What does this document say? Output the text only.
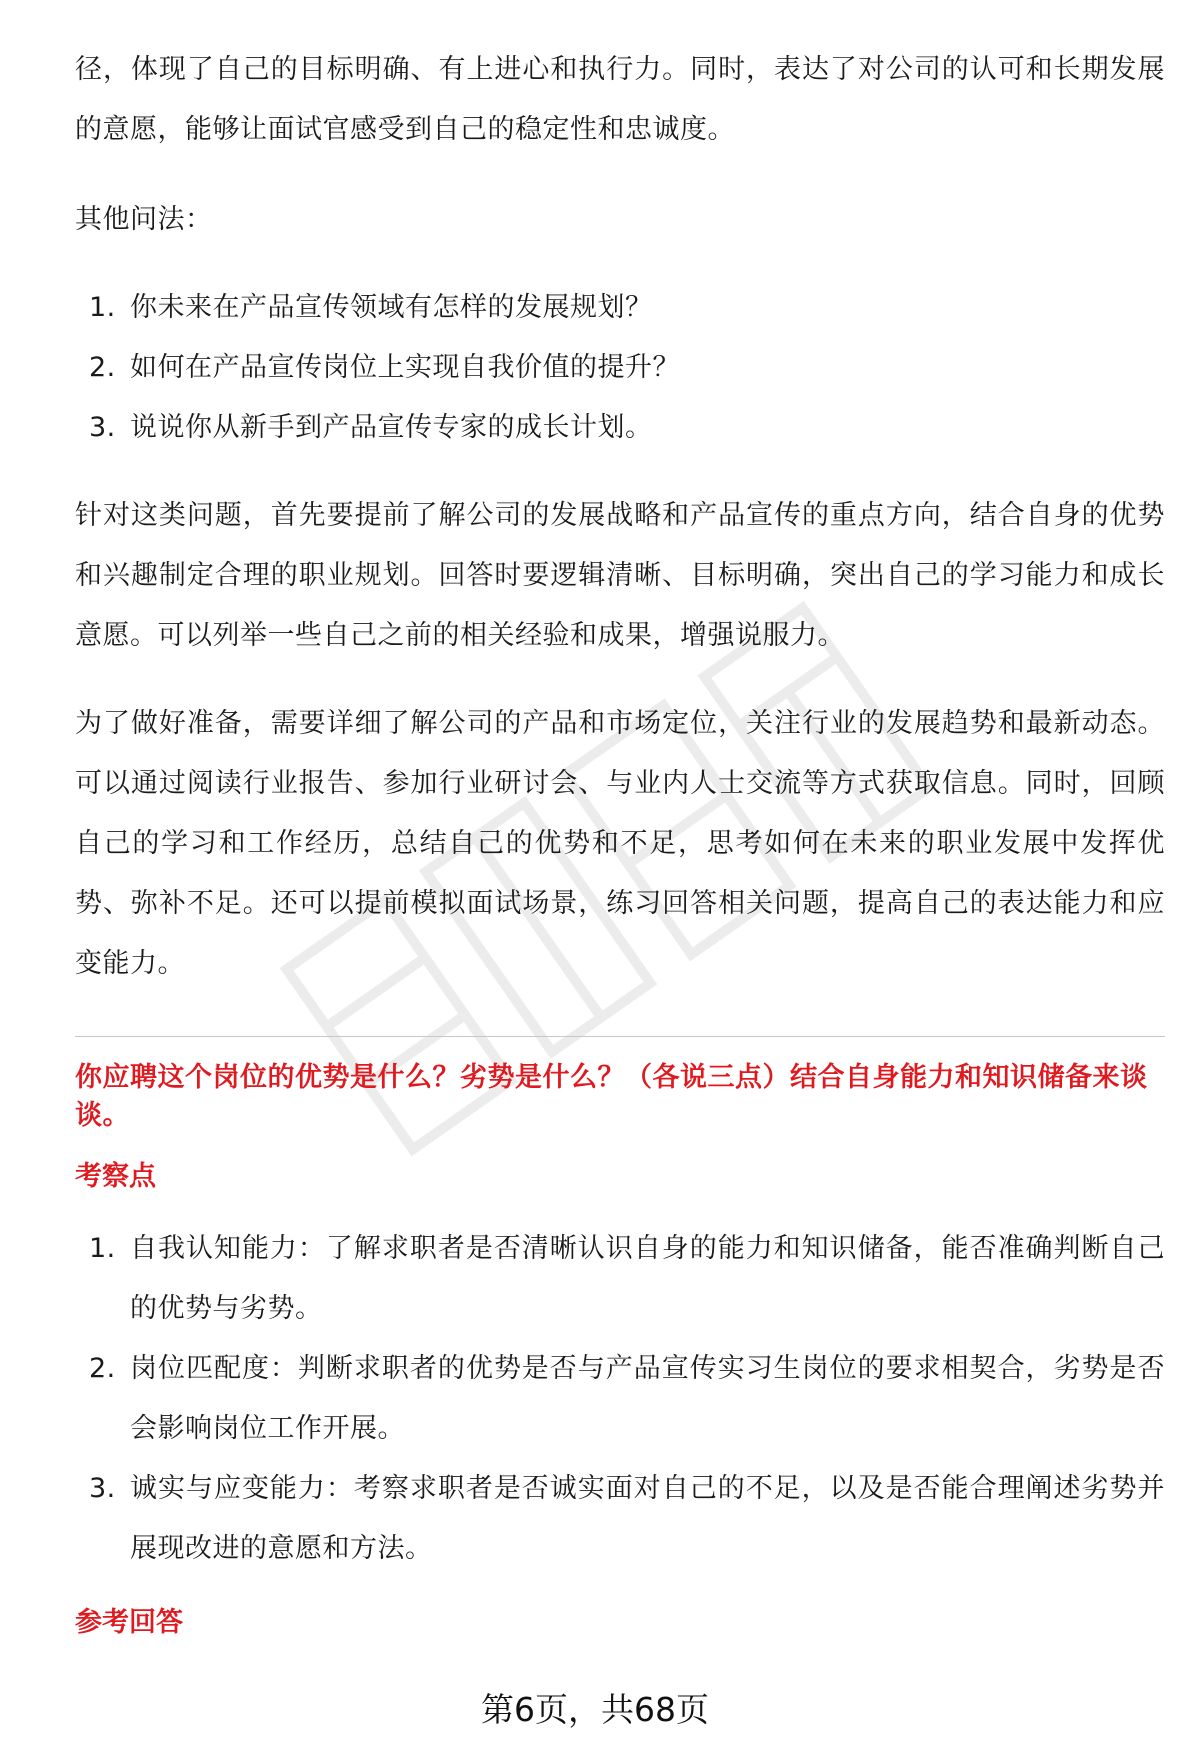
径，体现了自己的目标明确、有上进心和执行力。同时，表达了对公司的认可和长期发展的意愿，能够让面试官感受到自己的稳定性和忠诚度。

其他问法：

1. 你未来在产品宣传领域有怎样的发展规划？
2. 如何在产品宣传岗位上实现自我价值的提升？
3. 说说你从新手到产品宣传专家的成长计划。

针对这类问题，首先要提前了解公司的发展战略和产品宣传的重点方向，结合自身的优势和兴趣制定合理的职业规划。回答时要逻辑清晰、目标明确，突出自己的学习能力和成长意愿。可以列举一些自己之前的相关经验和成果，增强说服力。

为了做好准备，需要详细了解公司的产品和市场定位，关注行业的发展趋势和最新动态。可以通过阅读行业报告、参加行业研讨会、与业内人士交流等方式获取信息。同时，回顾自己的学习和工作经历，总结自己的优势和不足，思考如何在未来的职业发展中发挥优势、弥补不足。还可以提前模拟面试场景，练习回答相关问题，提高自己的表达能力和应变能力。

你应聘这个岗位的优势是什么？劣势是什么？（各说三点）结合自身能力和知识储备来谈谈。

考察点

1. 自我认知能力：了解求职者是否清晰认识自身的能力和知识储备，能否准确判断自己的优势与劣势。
2. 岗位匹配度：判断求职者的优势是否与产品宣传实习生岗位的要求相契合，劣势是否会影响岗位工作开展。
3. 诚实与应变能力：考察求职者是否诚实面对自己的不足，以及是否能合理阐述劣势并展现改进的意愿和方法。

参考回答

第6页，共68页
